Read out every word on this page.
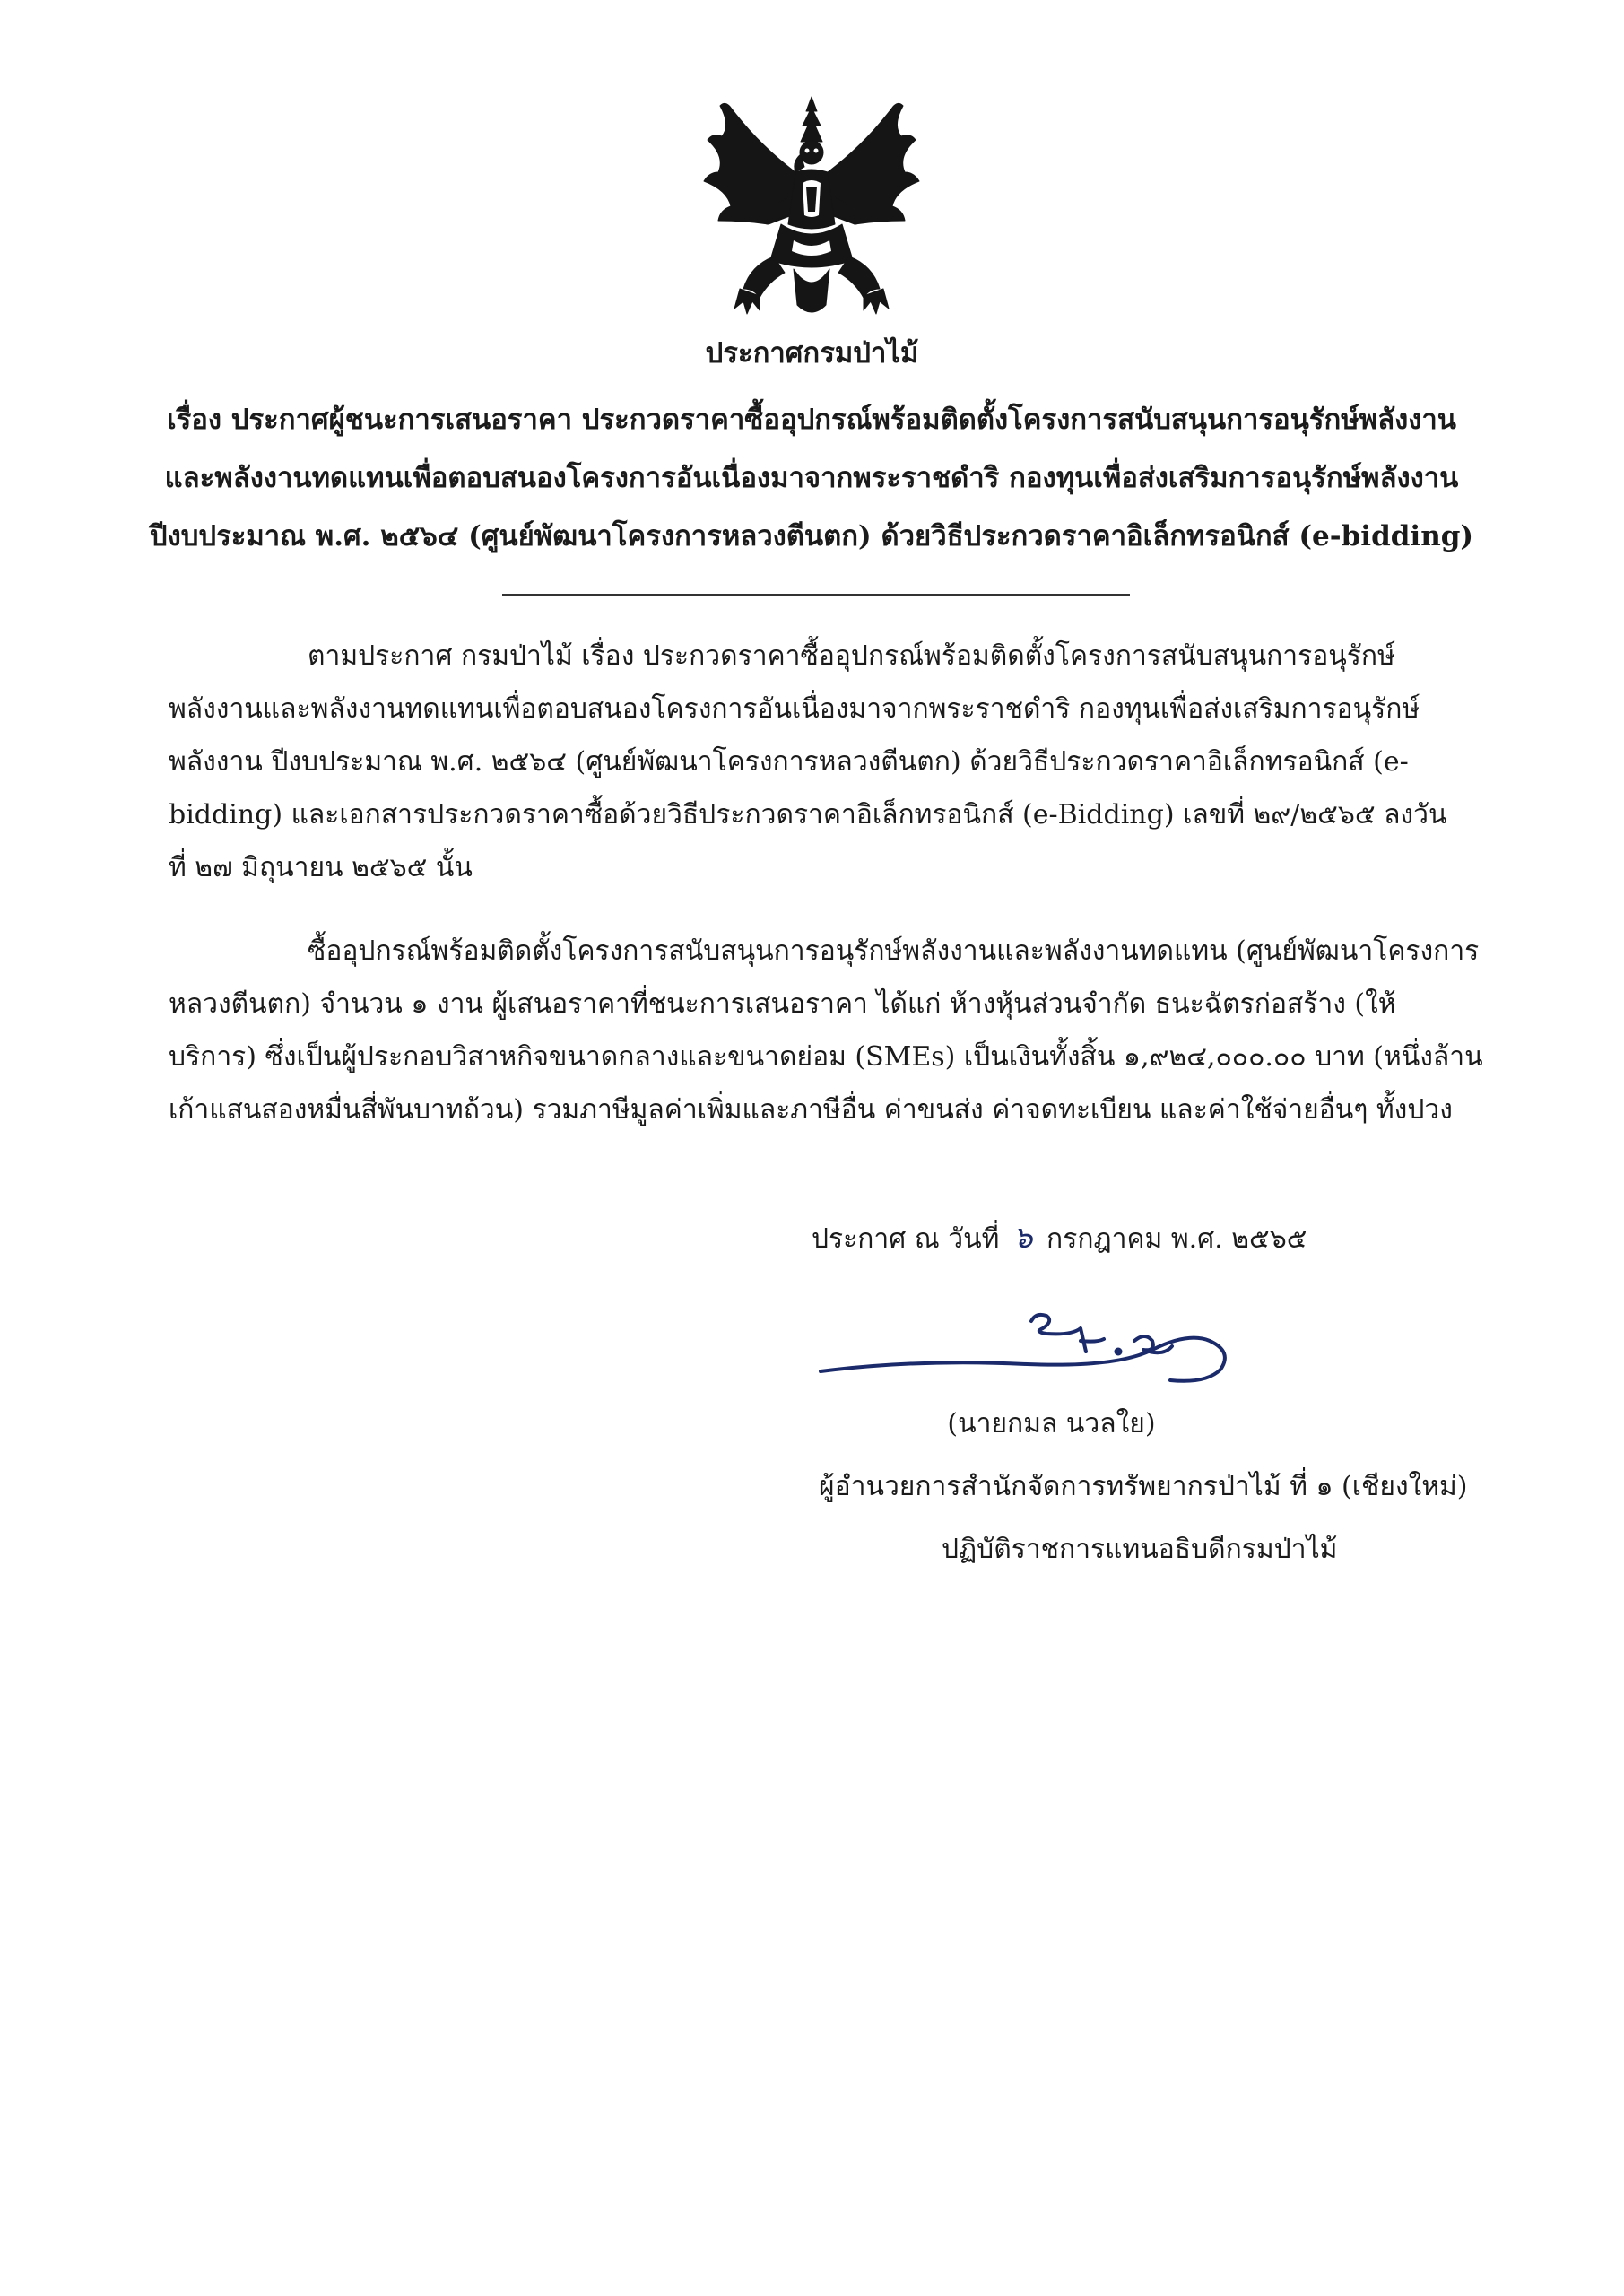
ประกาศกรมป่าไม้
เรื่อง ประกาศผู้ชนะการเสนอราคา ประกวดราคาซื้ออุปกรณ์พร้อมติดตั้งโครงการสนับสนุนการอนุรักษ์พลังงาน
และพลังงานทดแทนเพื่อตอบสนองโครงการอันเนื่องมาจากพระราชดำริ กองทุนเพื่อส่งเสริมการอนุรักษ์พลังงาน
ปีงบประมาณ พ.ศ. ๒๕๖๔ (ศูนย์พัฒนาโครงการหลวงตีนตก) ด้วยวิธีประกวดราคาอิเล็กทรอนิกส์ (e-bidding)
ตามประกาศ กรมป่าไม้ เรื่อง ประกวดราคาซื้ออุปกรณ์พร้อมติดตั้งโครงการสนับสนุนการอนุรักษ์
พลังงานและพลังงานทดแทนเพื่อตอบสนองโครงการอันเนื่องมาจากพระราชดำริ กองทุนเพื่อส่งเสริมการอนุรักษ์
พลังงาน ปีงบประมาณ พ.ศ. ๒๕๖๔ (ศูนย์พัฒนาโครงการหลวงตีนตก) ด้วยวิธีประกวดราคาอิเล็กทรอนิกส์ (e-
bidding) และเอกสารประกวดราคาซื้อด้วยวิธีประกวดราคาอิเล็กทรอนิกส์ (e-Bidding) เลขที่ ๒๙/๒๕๖๕ ลงวัน
ที่ ๒๗ มิถุนายน ๒๕๖๕ นั้น
ซื้ออุปกรณ์พร้อมติดตั้งโครงการสนับสนุนการอนุรักษ์พลังงานและพลังงานทดแทน (ศูนย์พัฒนาโครงการ
หลวงตีนตก) จำนวน ๑ งาน ผู้เสนอราคาที่ชนะการเสนอราคา ได้แก่ ห้างหุ้นส่วนจำกัด ธนะฉัตรก่อสร้าง (ให้
บริการ) ซึ่งเป็นผู้ประกอบวิสาหกิจขนาดกลางและขนาดย่อม (SMEs) เป็นเงินทั้งสิ้น ๑,๙๒๔,๐๐๐.๐๐ บาท (หนึ่งล้าน
เก้าแสนสองหมื่นสี่พันบาทถ้วน) รวมภาษีมูลค่าเพิ่มและภาษีอื่น ค่าขนส่ง ค่าจดทะเบียน และค่าใช้จ่ายอื่นๆ ทั้งปวง
ประกาศ ณ วันที่ ๖ กรกฎาคม พ.ศ. ๒๕๖๕
(นายกมล นวลใย)
ผู้อำนวยการสำนักจัดการทรัพยากรป่าไม้ ที่ ๑ (เชียงใหม่)
ปฏิบัติราชการแทนอธิบดีกรมป่าไม้
